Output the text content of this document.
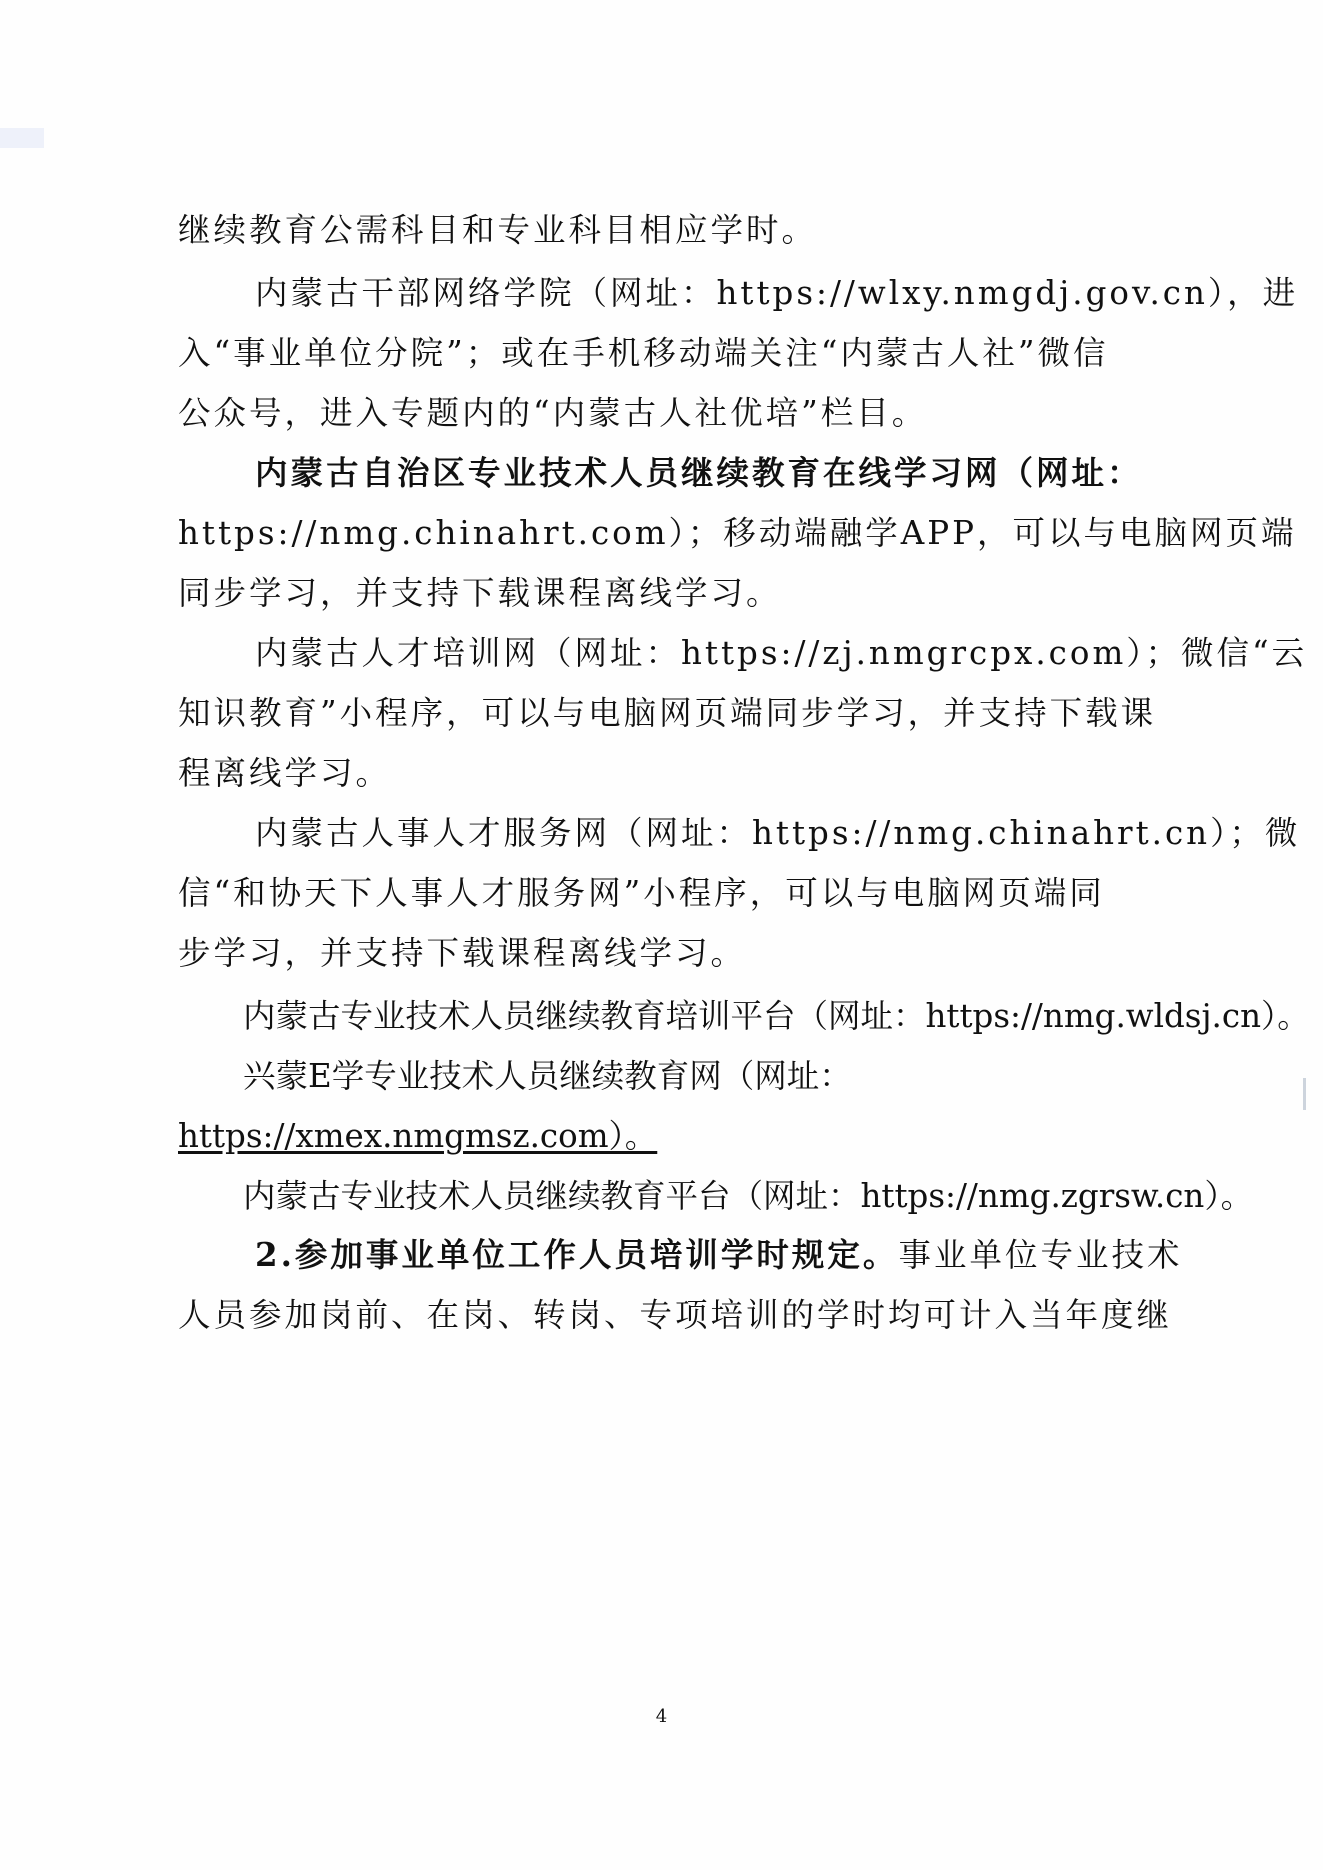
继续教育公需科目和专业科目相应学时。
内蒙古干部网络学院（网址：https://wlxy.nmgdj.gov.cn），进
入“事业单位分院”；或在手机移动端关注“内蒙古人社”微信
公众号，进入专题内的“内蒙古人社优培”栏目。
内蒙古自治区专业技术人员继续教育在线学习网（网址：
https://nmg.chinahrt.com）；移动端融学APP，可以与电脑网页端
同步学习，并支持下载课程离线学习。
内蒙古人才培训网（网址：https://zj.nmgrcpx.com）；微信“云
知识教育”小程序，可以与电脑网页端同步学习，并支持下载课
程离线学习。
内蒙古人事人才服务网（网址：https://nmg.chinahrt.cn）；微
信“和协天下人事人才服务网”小程序，可以与电脑网页端同
步学习，并支持下载课程离线学习。
内蒙古专业技术人员继续教育培训平台（网址：https://nmg.wldsj.cn）。
兴蒙E学专业技术人员继续教育网（网址：
https://xmex.nmgmsz.com）。
内蒙古专业技术人员继续教育平台（网址：https://nmg.zgrsw.cn）。
2.参加事业单位工作人员培训学时规定。事业单位专业技术
人员参加岗前、在岗、转岗、专项培训的学时均可计入当年度继
4
